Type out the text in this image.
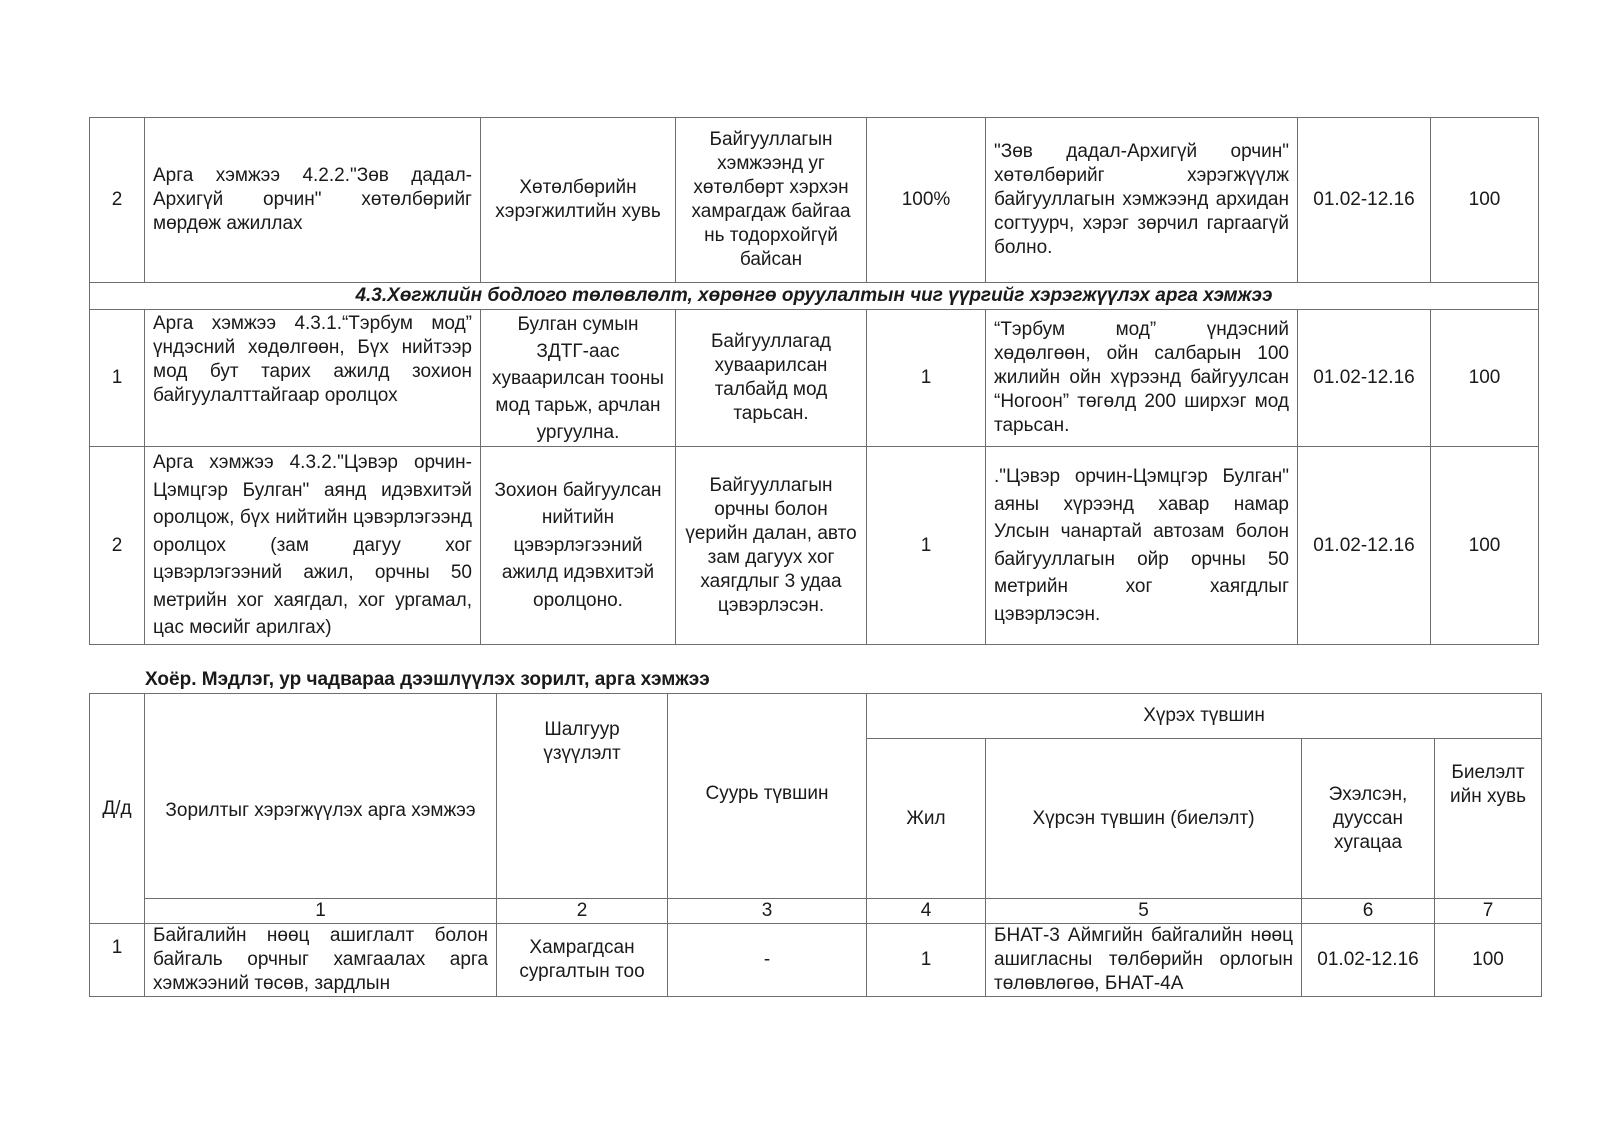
2	Арга хэмжээ 4.2.2."Зөв дадал-Архигүй орчин" хөтөлбөрийг мөрдөж ажиллах	Хөтөлбөрийн хэрэгжилтийн хувь	Байгууллагын хэмжээнд уг хөтөлбөрт хэрхэн хамрагдаж байгаа нь тодорхойгүй байсан	100%	"Зөв дадал-Архигүй орчин" хөтөлбөрийг хэрэгжүүлж байгууллагын хэмжээнд архидан согтуурч, хэрэг зөрчил гаргаагүй болно.	01.02-12.16	100
4.3.Хөгжлийн бодлого төлөвлөлт, хөрөнгө оруулалтын чиг үүргийг хэрэгжүүлэх арга хэмжээ							
1	Арга хэмжээ 4.3.1.“Тэрбум мод” үндэсний хөдөлгөөн, Бүх нийтээр мод бут тарих ажилд зохион байгуулалттайгаар оролцох	Булган сумын ЗДТГ-аас хуваарилсан тооны мод тарьж, арчлан ургуулна.	Байгууллагад хуваарилсан талбайд мод тарьсан.	1	“Тэрбум мод” үндэсний хөдөлгөөн, ойн салбарын 100 жилийн ойн хүрээнд байгуулсан “Ногоон” төгөлд 200 ширхэг мод тарьсан.	01.02-12.16	100
2	Арга хэмжээ 4.3.2."Цэвэр орчин-Цэмцгэр Булган" аянд идэвхитэй оролцож, бүх нийтийн цэвэрлэгээнд оролцох (зам дагуу хог цэвэрлэгээний ажил, орчны 50 метрийн хог хаягдал, хог ургамал, цас мөсийг арилгах)	Зохион байгуулсан нийтийн цэвэрлэгээний ажилд идэвхитэй оролцоно.	Байгууллагын орчны болон үерийн далан, авто зам дагуух хог хаягдлыг 3 удаа цэвэрлэсэн.	1	."Цэвэр орчин-Цэмцгэр Булган" аяны хүрээнд хавар намар Улсын чанартай автозам болон байгууллагын ойр орчны 50 метрийн хог хаягдлыг цэвэрлэсэн.	01.02-12.16	100
Хоёр. Мэдлэг, ур чадвараа дээшлүүлэх зорилт, арга хэмжээ
Д/д	Зорилтыг хэрэгжүүлэх арга хэмжээ	Шалгуур үзүүлэлт	Суурь түвшин	Хүрэх түвшин			
				Жил	Хүрсэн түвшин (биелэлт)	Эхэлсэн, дууссан хугацаа	Биелэлт ийн хувь
	1	2	3	4	5	6	7
1	Байгалийн нөөц ашиглалт болон байгаль орчныг хамгаалах арга хэмжээний төсөв, зардлын	Хамрагдсан сургалтын тоо	-	1	БНАТ-3 Аймгийн байгалийн нөөц ашигласны төлбөрийн орлогын төлөвлөгөө, БНАТ-4А	01.02-12.16	100
